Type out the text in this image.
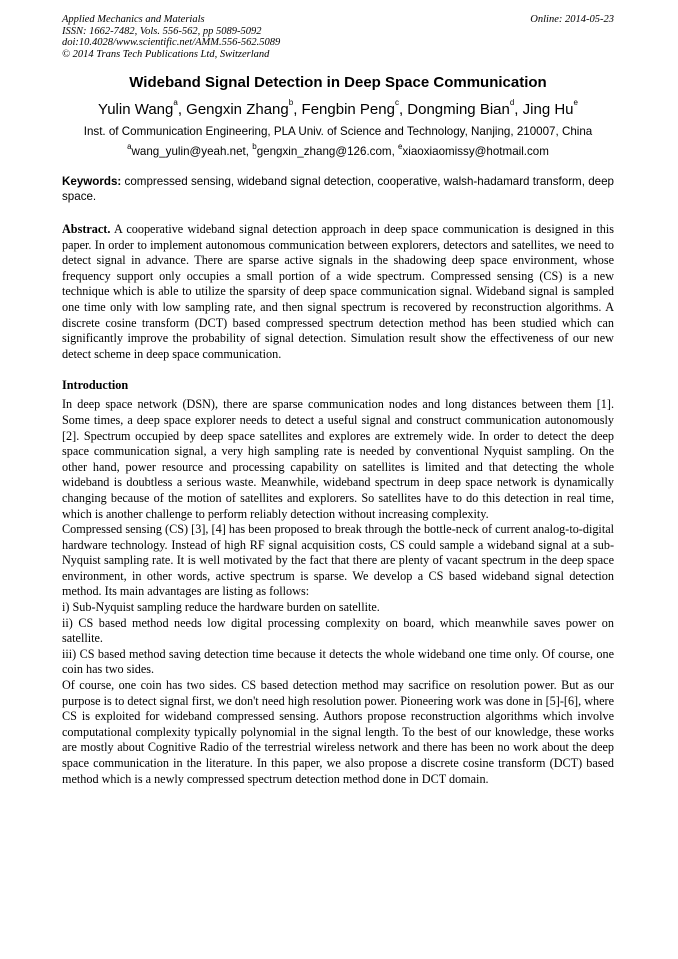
Applied Mechanics and Materials
ISSN: 1662-7482, Vols. 556-562, pp 5089-5092
doi:10.4028/www.scientific.net/AMM.556-562.5089
© 2014 Trans Tech Publications Ltd, Switzerland
Online: 2014-05-23
Wideband Signal Detection in Deep Space Communication
Yulin Wang$^a$, Gengxin Zhang$^b$, Fengbin Peng$^c$, Dongming Bian$^d$, Jing Hu$^e$
Inst. of Communication Engineering, PLA Univ. of Science and Technology, Nanjing, 210007, China
$^a$wang_yulin@yeah.net, $^b$gengxin_zhang@126.com, $^e$xiaoxiaomissy@hotmail.com
Keywords: compressed sensing, wideband signal detection, cooperative, walsh-hadamard transform, deep space.
Abstract. A cooperative wideband signal detection approach in deep space communication is designed in this paper. In order to implement autonomous communication between explorers, detectors and satellites, we need to detect signal in advance. There are sparse active signals in the shadowing deep space environment, whose frequency support only occupies a small portion of a wide spectrum. Compressed sensing (CS) is a new technique which is able to utilize the sparsity of deep space communication signal. Wideband signal is sampled one time only with low sampling rate, and then signal spectrum is recovered by reconstruction algorithms. A discrete cosine transform (DCT) based compressed spectrum detection method has been studied which can significantly improve the probability of signal detection. Simulation result show the effectiveness of our new detect scheme in deep space communication.
Introduction

In deep space network (DSN), there are sparse communication nodes and long distances between them [1]. Some times, a deep space explorer needs to detect a useful signal and construct communication autonomously [2]. Spectrum occupied by deep space satellites and explores are extremely wide. In order to detect the deep space communication signal, a very high sampling rate is needed by conventional Nyquist sampling. On the other hand, power resource and processing capability on satellites is limited and that detecting the whole wideband is doubtless a serious waste. Meanwhile, wideband spectrum in deep space network is dynamically changing because of the motion of satellites and explorers. So satellites have to do this detection in real time, which is another challenge to perform reliably detection without increasing complexity.

Compressed sensing (CS) [3], [4] has been proposed to break through the bottle-neck of current analog-to-digital hardware technology. Instead of high RF signal acquisition costs, CS could sample a wideband signal at a sub-Nyquist sampling rate. It is well motivated by the fact that there are plenty of vacant spectrum in the deep space environment, in other words, active spectrum is sparse. We develop a CS based wideband signal detection method. Its main advantages are listing as follows:

i) Sub-Nyquist sampling reduce the hardware burden on satellite.

ii) CS based method needs low digital processing complexity on board, which meanwhile saves power on satellite.

iii) CS based method saving detection time because it detects the whole wideband one time only. Of course, one coin has two sides.

Of course, one coin has two sides. CS based detection method may sacrifice on resolution power. But as our purpose is to detect signal first, we don't need high resolution power. Pioneering work was done in [5]-[6], where CS is exploited for wideband compressed sensing. Authors propose reconstruction algorithms which involve computational complexity typically polynomial in the signal length. To the best of our knowledge, these works are mostly about Cognitive Radio of the terrestrial wireless network and there has been no work about the deep space communication in the literature. In this paper, we also propose a discrete cosine transform (DCT) based method which is a newly compressed spectrum detection method done in DCT domain.
